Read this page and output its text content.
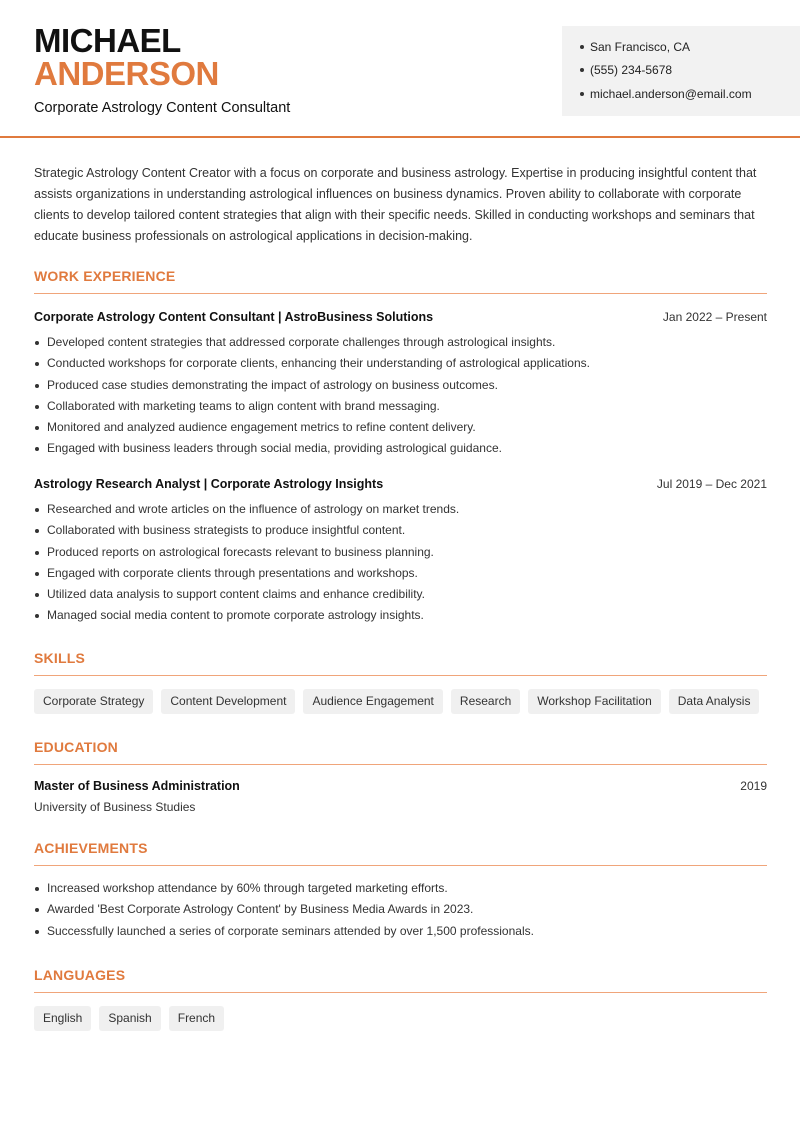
MICHAEL
ANDERSON
Corporate Astrology Content Consultant
San Francisco, CA
(555) 234-5678
michael.anderson@email.com
Strategic Astrology Content Creator with a focus on corporate and business astrology. Expertise in producing insightful content that assists organizations in understanding astrological influences on business dynamics. Proven ability to collaborate with corporate clients to develop tailored content strategies that align with their specific needs. Skilled in conducting workshops and seminars that educate business professionals on astrological applications in decision-making.
WORK EXPERIENCE
Corporate Astrology Content Consultant | AstroBusiness Solutions	Jan 2022 – Present
Developed content strategies that addressed corporate challenges through astrological insights.
Conducted workshops for corporate clients, enhancing their understanding of astrological applications.
Produced case studies demonstrating the impact of astrology on business outcomes.
Collaborated with marketing teams to align content with brand messaging.
Monitored and analyzed audience engagement metrics to refine content delivery.
Engaged with business leaders through social media, providing astrological guidance.
Astrology Research Analyst | Corporate Astrology Insights	Jul 2019 – Dec 2021
Researched and wrote articles on the influence of astrology on market trends.
Collaborated with business strategists to produce insightful content.
Produced reports on astrological forecasts relevant to business planning.
Engaged with corporate clients through presentations and workshops.
Utilized data analysis to support content claims and enhance credibility.
Managed social media content to promote corporate astrology insights.
SKILLS
Corporate Strategy	Content Development	Audience Engagement	Research	Workshop Facilitation	Data Analysis
EDUCATION
Master of Business Administration	2019
University of Business Studies
ACHIEVEMENTS
Increased workshop attendance by 60% through targeted marketing efforts.
Awarded 'Best Corporate Astrology Content' by Business Media Awards in 2023.
Successfully launched a series of corporate seminars attended by over 1,500 professionals.
LANGUAGES
English	Spanish	French
